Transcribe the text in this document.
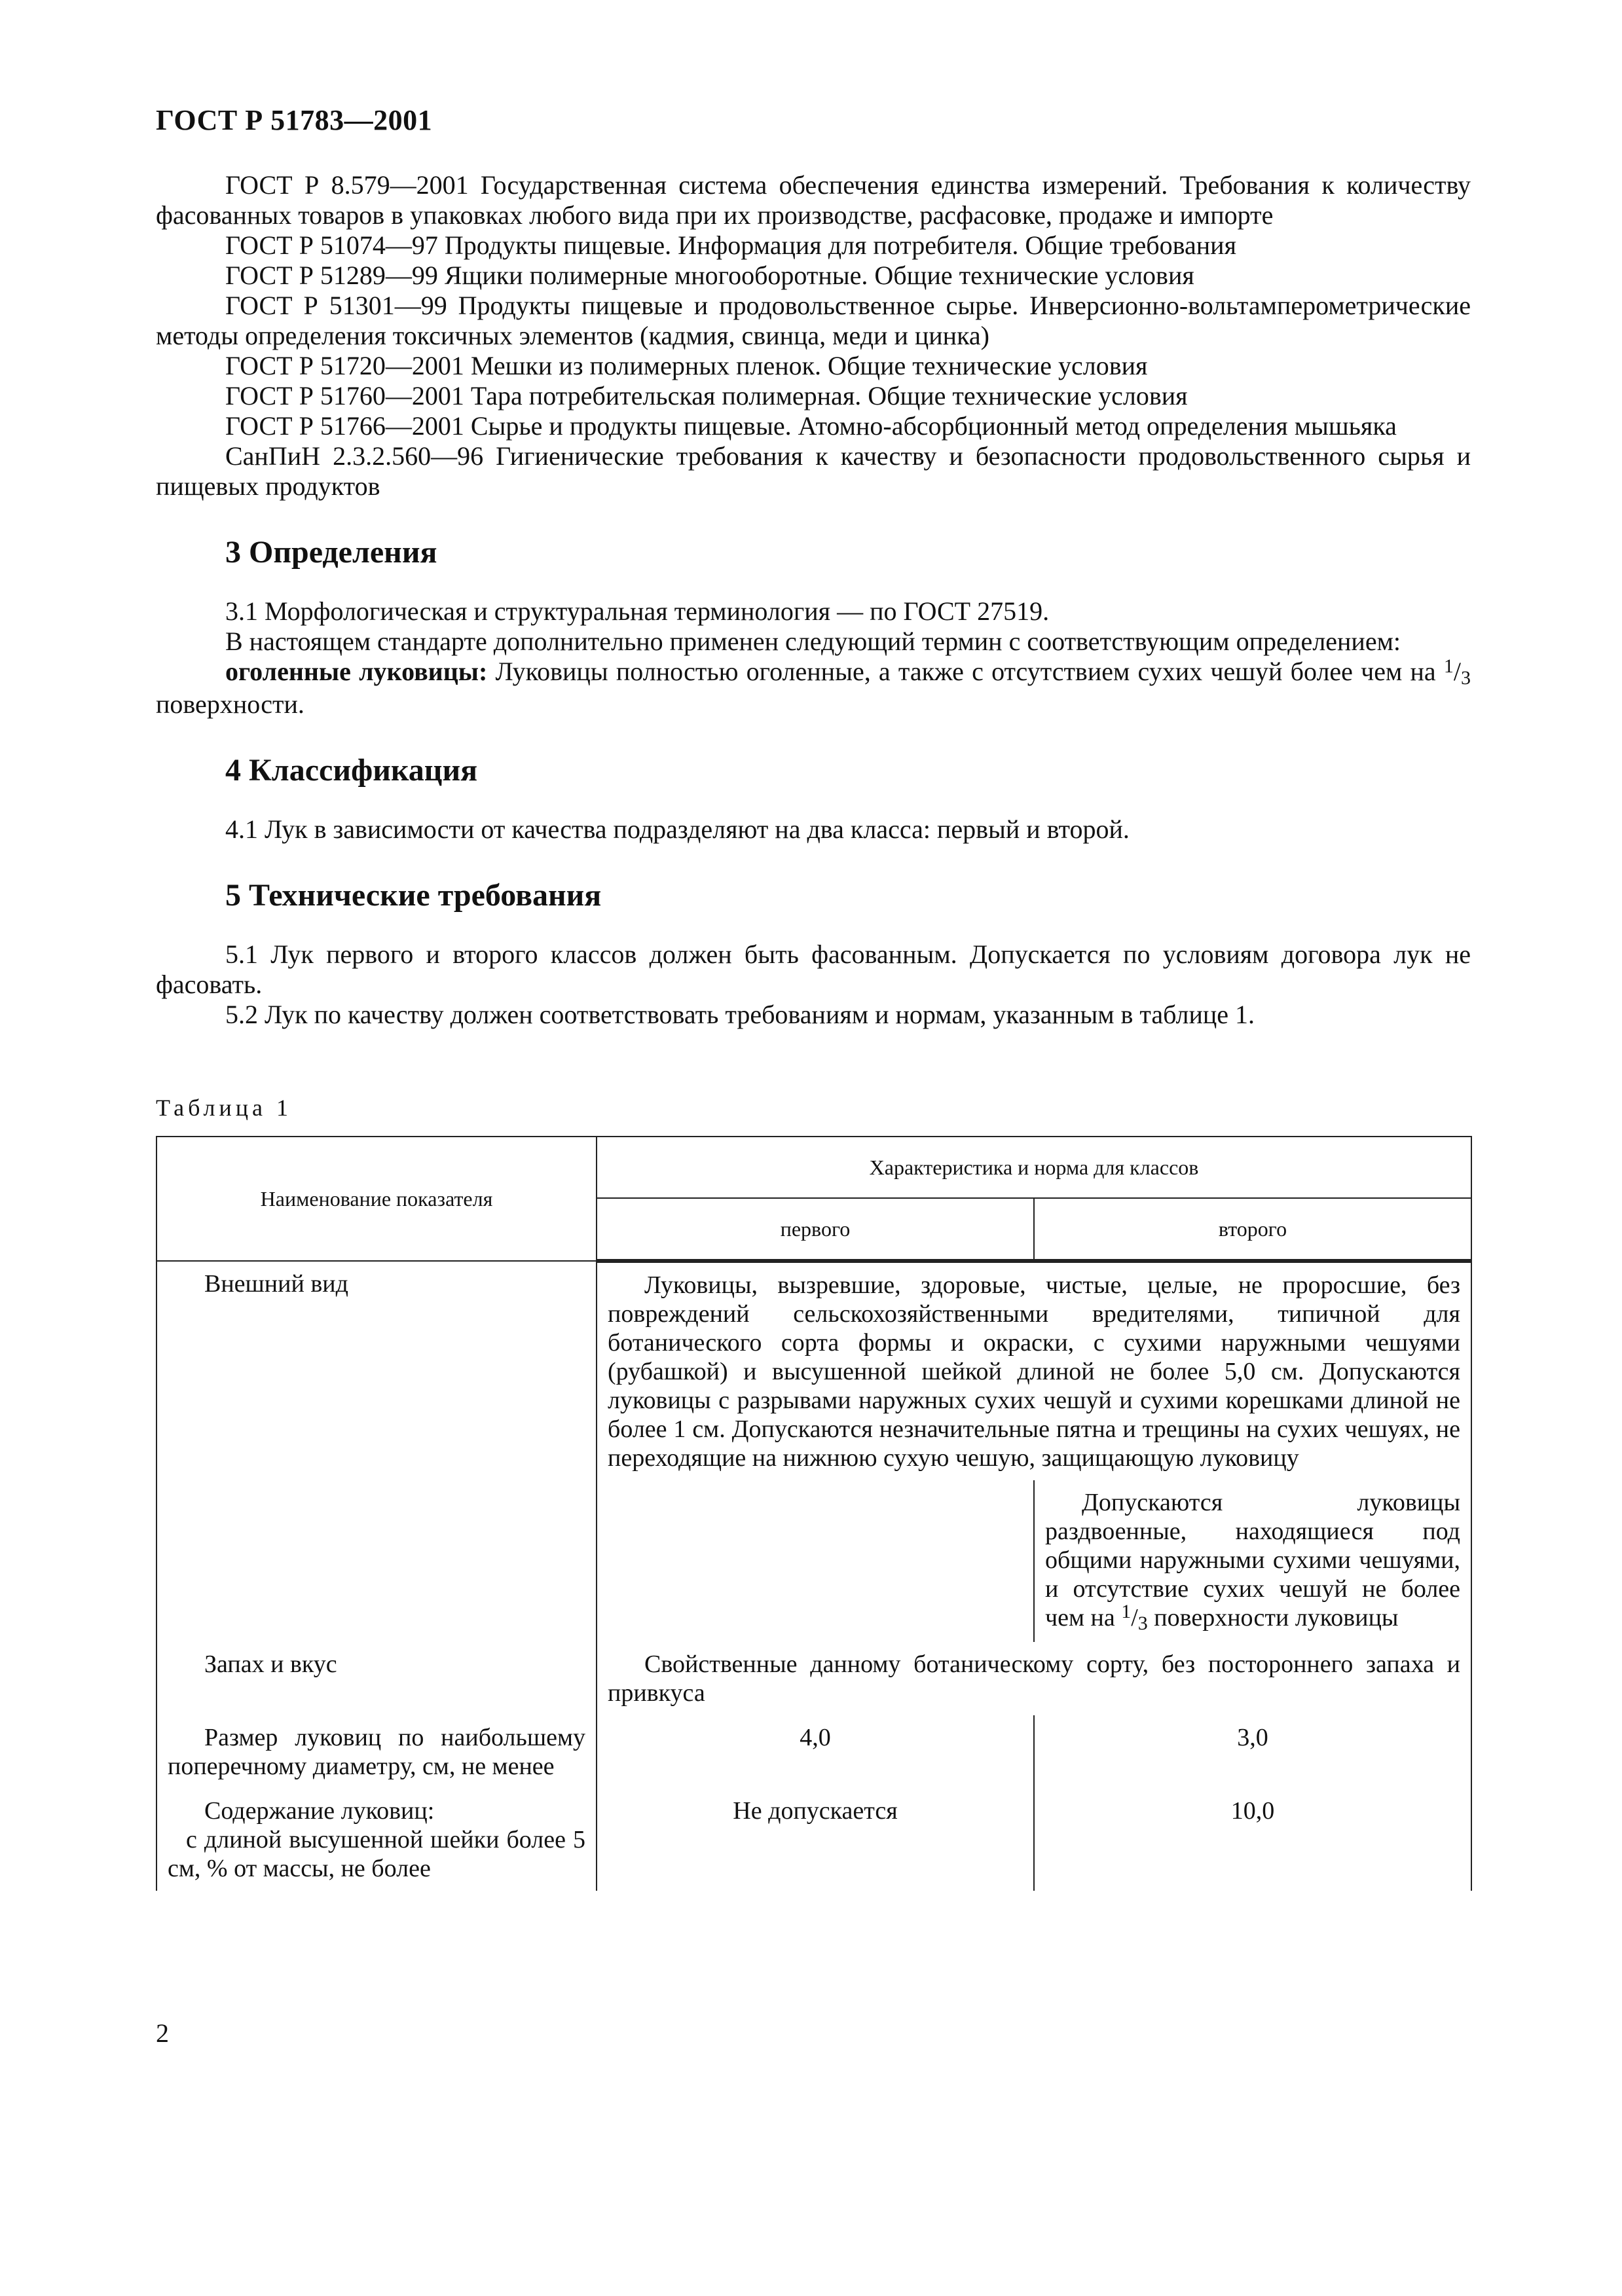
ГОСТ Р 51783—2001

ГОСТ Р 8.579—2001 Государственная система обеспечения единства измерений. Требования к количеству фасованных товаров в упаковках любого вида при их производстве, расфасовке, продаже и импорте

ГОСТ Р 51074—97 Продукты пищевые. Информация для потребителя. Общие требования

ГОСТ Р 51289—99 Ящики полимерные многооборотные. Общие технические условия

ГОСТ Р 51301—99 Продукты пищевые и продовольственное сырье. Инверсионно-вольтамперометрические методы определения токсичных элементов (кадмия, свинца, меди и цинка)

ГОСТ Р 51720—2001 Мешки из полимерных пленок. Общие технические условия

ГОСТ Р 51760—2001 Тара потребительская полимерная. Общие технические условия

ГОСТ Р 51766—2001 Сырье и продукты пищевые. Атомно-абсорбционный метод определения мышьяка

СанПиН 2.3.2.560—96 Гигиенические требования к качеству и безопасности продовольственного сырья и пищевых продуктов

3 Определения

3.1 Морфологическая и структуральная терминология — по ГОСТ 27519.

В настоящем стандарте дополнительно применен следующий термин с соответствующим определением:

оголенные луковицы: Луковицы полностью оголенные, а также с отсутствием сухих чешуй более чем на $^1$/3 поверхности.

4 Классификация

4.1 Лук в зависимости от качества подразделяют на два класса: первый и второй.

5 Технические требования

5.1 Лук первого и второго классов должен быть фасованным. Допускается по условиям договора лук не фасовать.

5.2 Лук по качеству должен соответствовать требованиям и нормам, указанным в таблице 1.

Таблица 1
Наименование показателя	Характеристика и норма для классов	
	первого	второго
Внешний вид	Луковицы, вызревшие, здоровые, чистые, целые, не проросшие, без повреждений сельскохозяйственными вредителями, типичной для ботанического сорта формы и окраски, с сухими наружными чешуями (рубашкой) и высушенной шейкой длиной не более 5,0 см. Допускаются луковицы с разрывами наружных сухих чешуй и сухими корешками длиной не более 1 см. Допускаются незначительные пятна и трещины на сухих чешуях, не переходящие на нижнюю сухую чешую, защищающую луковицу	
		Допускаются луковицы раздвоенные, находящиеся под общими наружными сухими чешуями, и отсутствие сухих чешуй не более чем на $^1$/3 поверхности луковицы
Запах и вкус	Свойственные данному ботаническому сорту, без постороннего запаха и привкуса	
Размер луковиц по наибольшему поперечному диаметру, см, не менее	4,0	3,0

Содержание луковиц:
с длиной высушенной шейки более 5 см, % от массы, не более	Не допускается	10,0
2
